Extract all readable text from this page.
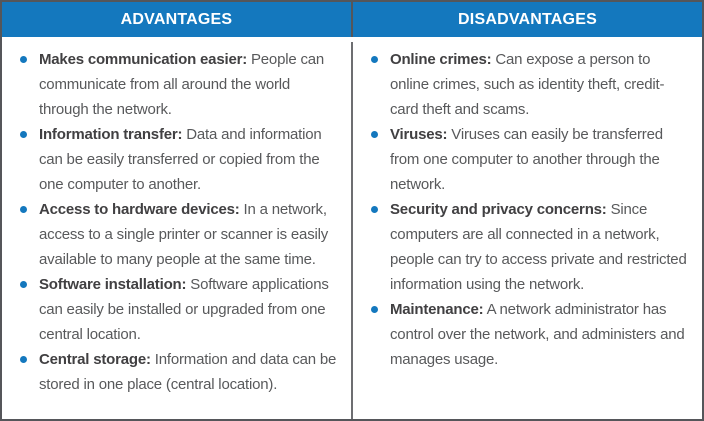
ADVANTAGES	DISADVANTAGES
Makes communication easier: People can communicate from all around the world through the network.
Information transfer: Data and information can be easily transferred or copied from the one computer to another.
Access to hardware devices: In a network, access to a single printer or scanner is easily available to many people at the same time.
Software installation: Software applications can easily be installed or upgraded from one central location.
Central storage: Information and data can be stored in one place (central location).
Online crimes: Can expose a person to online crimes, such as identity theft, credit-card theft and scams.
Viruses: Viruses can easily be transferred from one computer to another through the network.
Security and privacy concerns: Since computers are all connected in a network, people can try to access private and restricted information using the network.
Maintenance: A network administrator has control over the network, and administers and manages usage.
